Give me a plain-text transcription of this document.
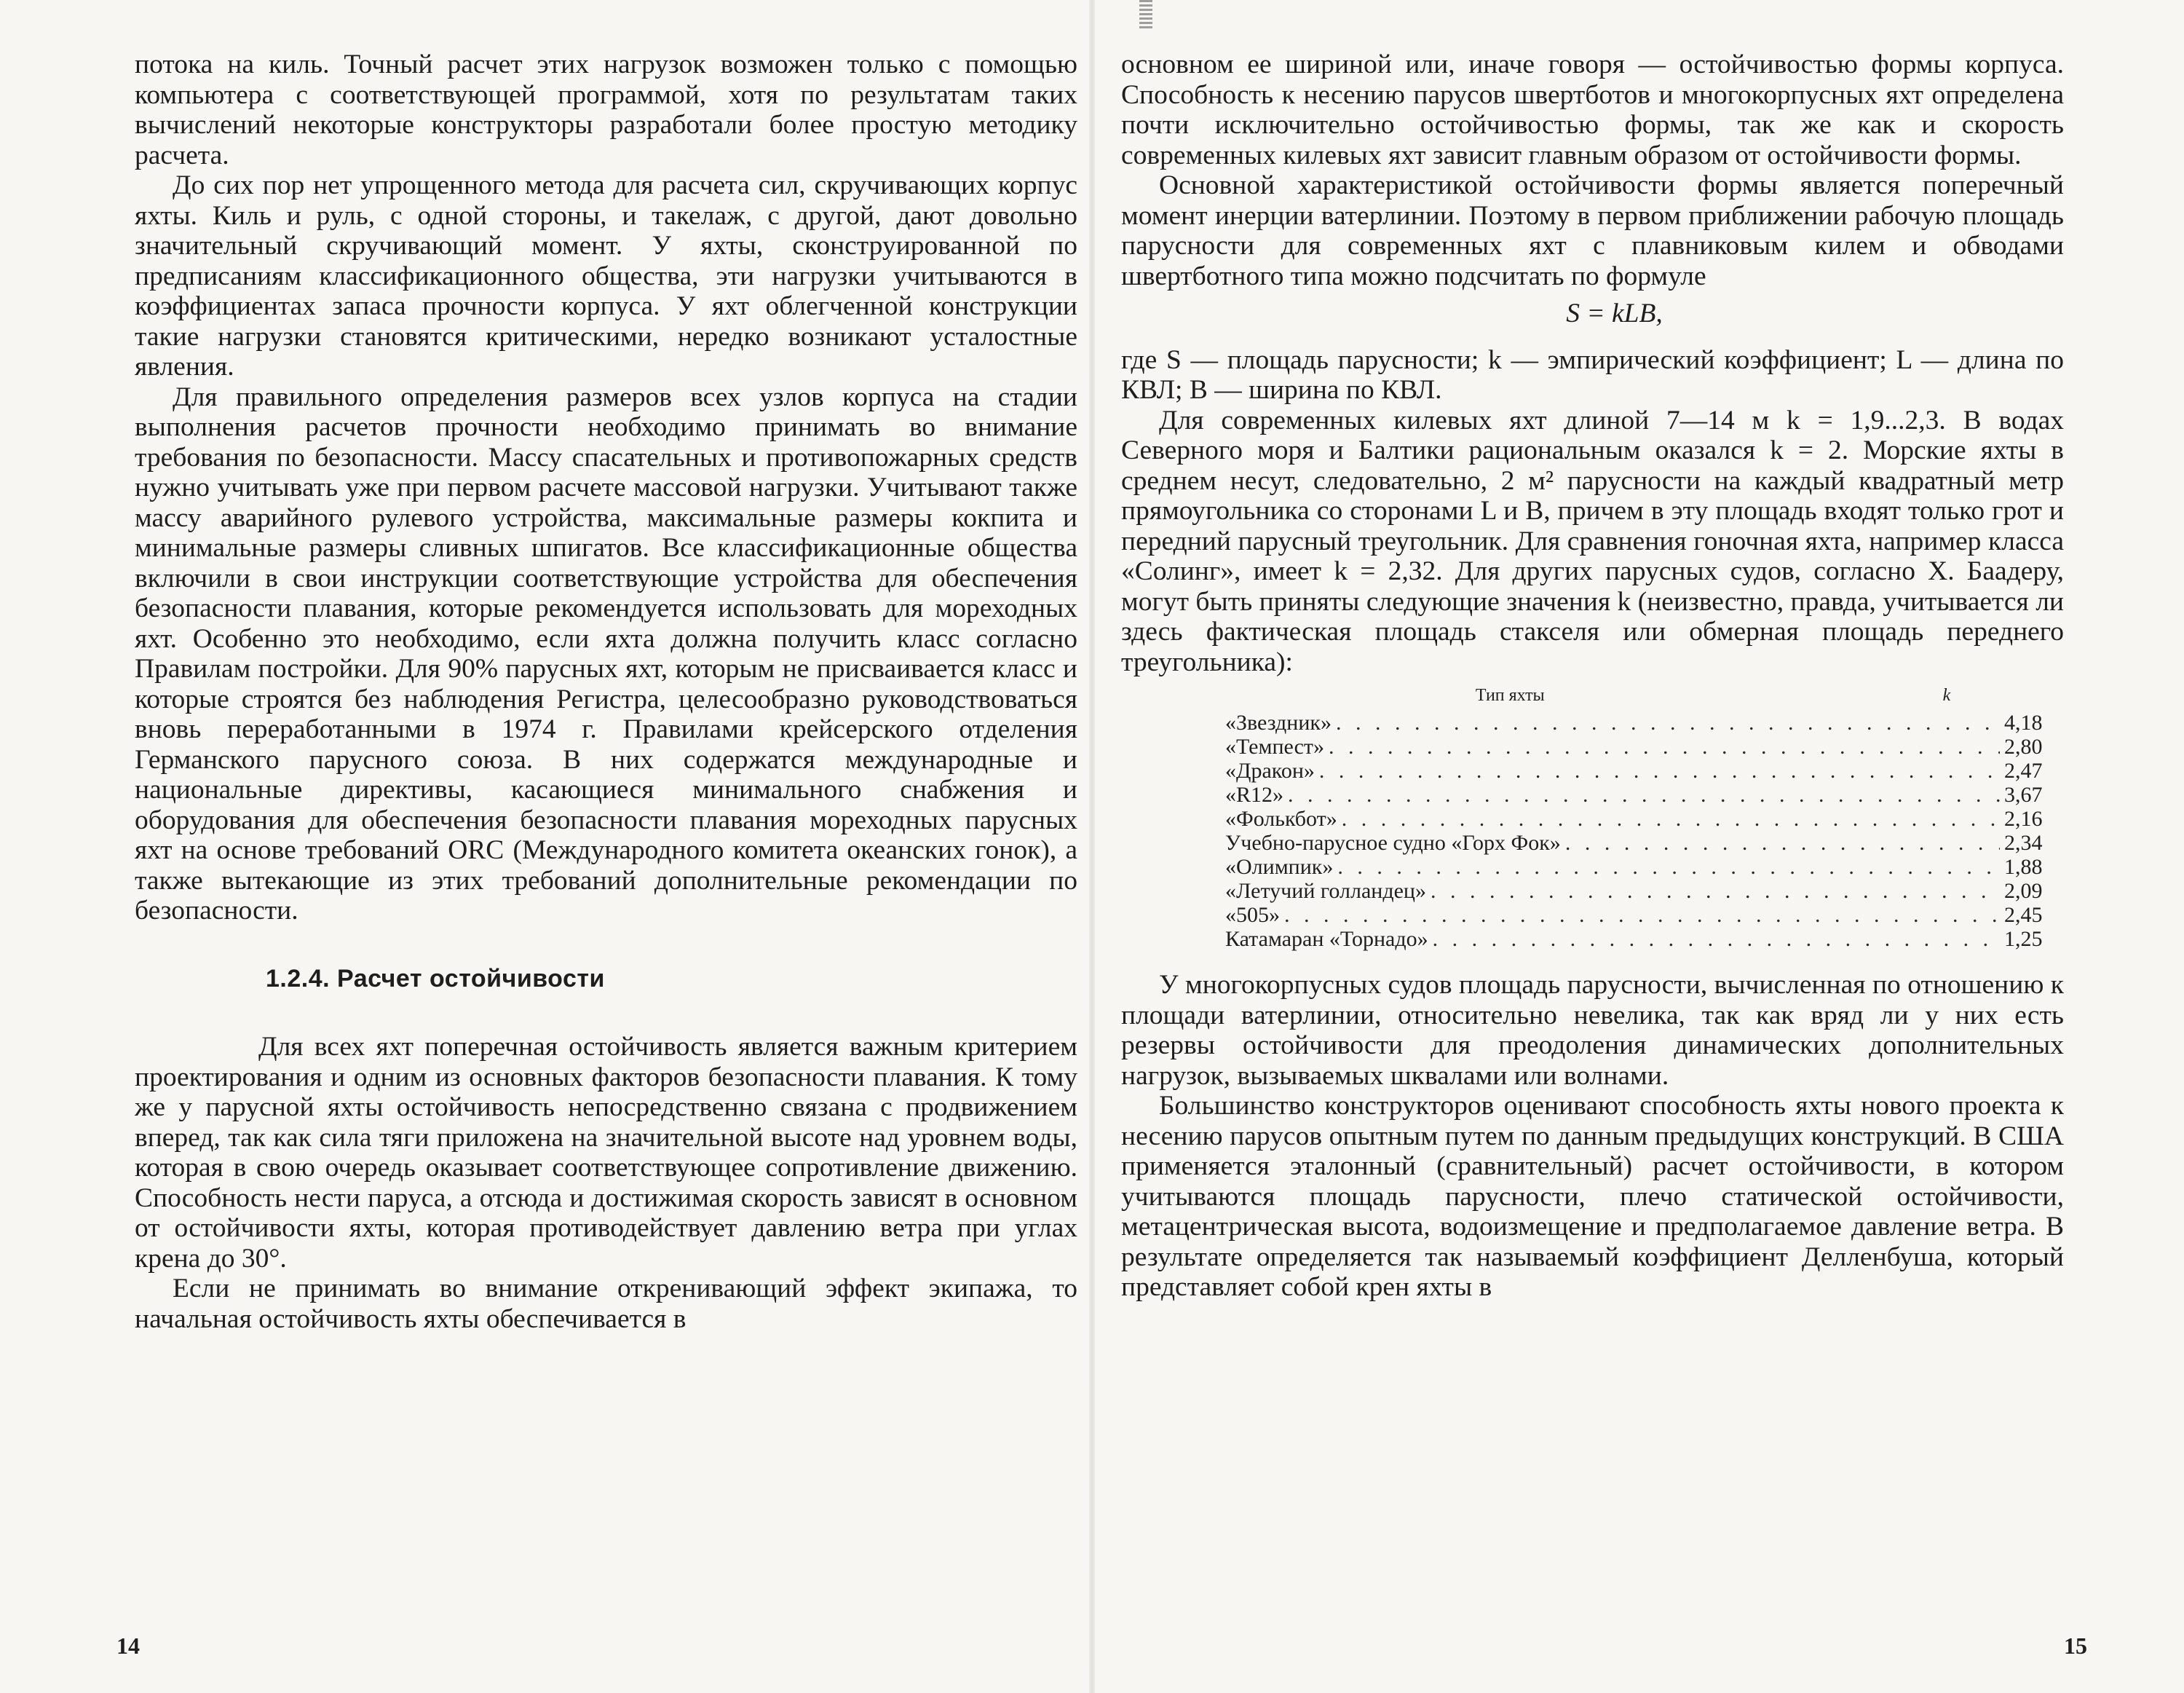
потока на киль. Точный расчет этих нагрузок возможен только с помощью компьютера с соответствующей программой, хотя по результатам таких вычислений некоторые конструкторы разработали более простую методику расчета.

До сих пор нет упрощенного метода для расчета сил, скручивающих корпус яхты. Киль и руль, с одной стороны, и такелаж, с другой, дают довольно значительный скручивающий момент. У яхты, сконструированной по предписаниям классификационного общества, эти нагрузки учитываются в коэффициентах запаса прочности корпуса. У яхт облегченной конструкции такие нагрузки становятся критическими, нередко возникают усталостные явления.

Для правильного определения размеров всех узлов корпуса на стадии выполнения расчетов прочности необходимо принимать во внимание требования по безопасности. Массу спасательных и противопожарных средств нужно учитывать уже при первом расчете массовой нагрузки. Учитывают также массу аварийного рулевого устройства, максимальные размеры кокпита и минимальные размеры сливных шпигатов. Все классификационные общества включили в свои инструкции соответствующие устройства для обеспечения безопасности плавания, которые рекомендуется использовать для мореходных яхт. Особенно это необходимо, если яхта должна получить класс согласно Правилам постройки. Для 90% парусных яхт, которым не присваивается класс и которые строятся без наблюдения Регистра, целесообразно руководствоваться вновь переработанными в 1974 г. Правилами крейсерского отделения Германского парусного союза. В них содержатся международные и национальные директивы, касающиеся минимального снабжения и оборудования для обеспечения безопасности плавания мореходных парусных яхт на основе требований ORC (Международного комитета океанских гонок), а также вытекающие из этих требований дополнительные рекомендации по безопасности.

1.2.4. Расчет остойчивости

Для всех яхт поперечная остойчивость является важным критерием проектирования и одним из основных факторов безопасности плавания. К тому же у парусной яхты остойчивость непосредственно связана с продвижением вперед, так как сила тяги приложена на значительной высоте над уровнем воды, которая в свою очередь оказывает соответствующее сопротивление движению. Способность нести паруса, а отсюда и достижимая скорость зависят в основном от остойчивости яхты, которая противодействует давлению ветра при углах крена до 30°.

Если не принимать во внимание откренивающий эффект экипажа, то начальная остойчивость яхты обеспечивается в

14

основном ее шириной или, иначе говоря — остойчивостью формы корпуса. Способность к несению парусов швертботов и многокорпусных яхт определена почти исключительно остойчивостью формы, так же как и скорость современных килевых яхт зависит главным образом от остойчивости формы.

Основной характеристикой остойчивости формы является поперечный момент инерции ватерлинии. Поэтому в первом приближении рабочую площадь парусности для современных яхт с плавниковым килем и обводами швертботного типа можно подсчитать по формуле

S = kLB,

где S — площадь парусности; k — эмпирический коэффициент; L — длина по КВЛ; B — ширина по КВЛ.

Для современных килевых яхт длиной 7—14 м k = 1,9...2,3. В водах Северного моря и Балтики рациональным оказался k = 2. Морские яхты в среднем несут, следовательно, 2 м² парусности на каждый квадратный метр прямоугольника со сторонами L и B, причем в эту площадь входят только грот и передний парусный треугольник. Для сравнения гоночная яхта, например класса «Солинг», имеет k = 2,32. Для других парусных судов, согласно X. Баадеру, могут быть приняты следующие значения k (неизвестно, правда, учитывается ли здесь фактическая площадь стакселя или обмерная площадь переднего треугольника):

Тип яхты	k
«Звездник» . . .	4,18
«Темпест» . . .	2,80
«Дракон» . . .	2,47
«R12» . . .	3,67
«Фолькбот» . . .	2,16
Учебно-парусное судно «Горх Фок» . . .	2,34
«Олимпик» . . .	1,88
«Летучий голландец» . . .	2,09
«505» . . .	2,45
Катамаран «Торнадо» . . .	1,25

У многокорпусных судов площадь парусности, вычисленная по отношению к площади ватерлинии, относительно невелика, так как вряд ли у них есть резервы остойчивости для преодоления динамических дополнительных нагрузок, вызываемых шквалами или волнами.

Большинство конструкторов оценивают способность яхты нового проекта к несению парусов опытным путем по данным предыдущих конструкций. В США применяется эталонный (сравнительный) расчет остойчивости, в котором учитываются площадь парусности, плечо статической остойчивости, метацентрическая высота, водоизмещение и предполагаемое давление ветра. В результате определяется так называемый коэффициент Делленбуша, который представляет собой крен яхты в

15
